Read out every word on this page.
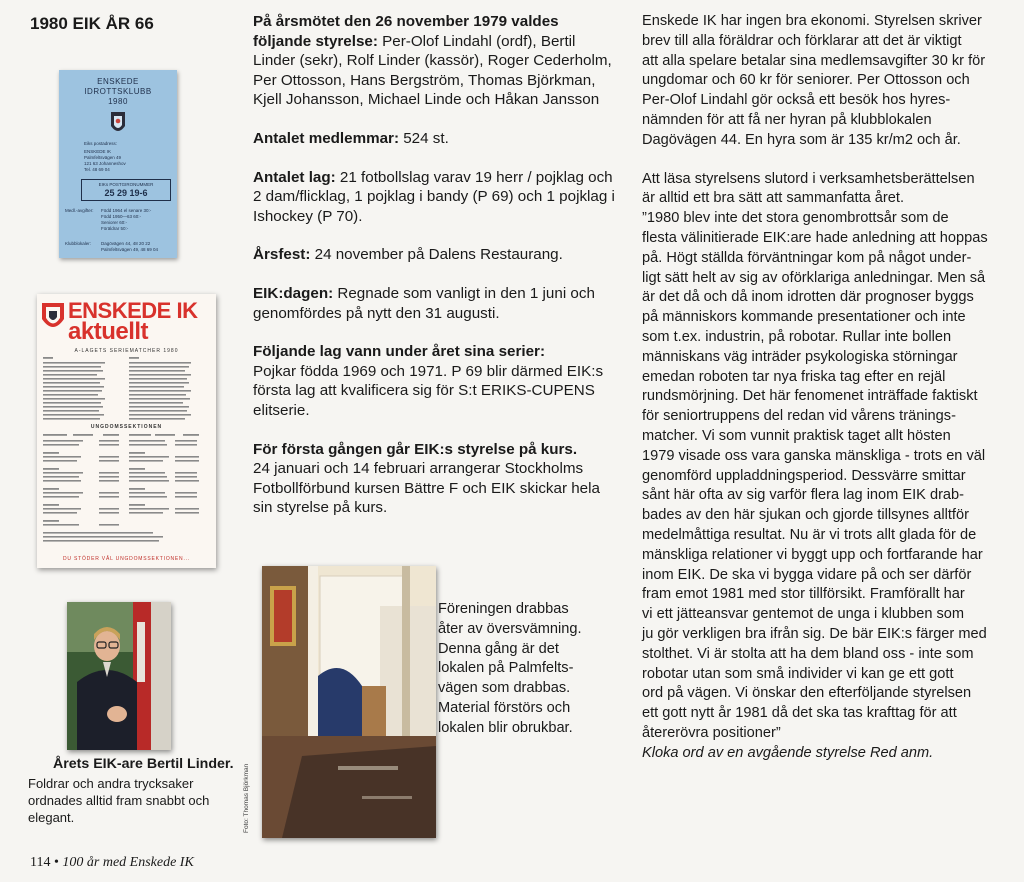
1980 EIK ÅR 66
ENSKEDE
IDROTTSKLUBB
1980
Eiks postadress:
ENSKEDE IK
Palmfeltsvägen 49
121 63 Johanneshov
Tel. 48 69 04
EIKs POSTGIRONUMMER
25 29 19-6
Medl.-avgifter:	Född 1964 el senare 30:-
Född 1950—63 60:-
Seniorer 60:-
Föräldrar 50:-
Klubblokaler:	Dagövägen 44, 48 20 22
Palmfeltsvägen 49, 48 69 04
ENSKEDE IK
aktuellt
A-LAGETS SERIEMATCHER 1980
UNGDOMSSEKTIONEN
DU STÖDER VÅL UNGDOMSSEKTIONEN...
Årets EIK-are Bertil Linder.
Foldrar och andra trycksaker
ordnades alltid fram snabbt och
elegant.

På årsmötet den 26 november 1979 valdes följande styrelse: Per-Olof Lindahl (ordf), Bertil Linder (sekr), Rolf Linder (kassör), Roger Cederholm, Per Ottosson, Hans Bergström, Thomas Björkman, Kjell Johansson, Michael Linde och Håkan Jansson

Antalet medlemmar: 524 st.

Antalet lag: 21 fotbollslag varav 19 herr / pojklag och 2 dam/flicklag, 1 pojklag i bandy (P 69) och 1 pojklag i Ishockey (P 70).

Årsfest: 24 november på Dalens Restaurang.

EIK:dagen: Regnade som vanligt in den 1 juni och genomfördes på nytt den 31 augusti.

Följande lag vann under året sina serier:
Pojkar födda 1969 och 1971. P 69 blir därmed EIK:s första lag att kvalificera sig för S:t ERIKS-CUPENS elitserie.

För första gången går EIK:s styrelse på kurs.
24 januari och 14 februari arrangerar Stockholms Fotbollförbund kursen Bättre F och EIK skickar hela sin styrelse på kurs.

Foto: Thomas Björkman
Föreningen drabbas
åter av översvämning.
Denna gång är det
lokalen på Palmfelts-
vägen som drabbas.
Material förstörs och
lokalen blir obrukbar.

Enskede IK har ingen bra ekonomi. Styrelsen skriver

brev till alla föräldrar och förklarar att det är viktigt

att alla spelare betalar sina medlemsavgifter 30 kr för

ungdomar och 60 kr för seniorer. Per Ottosson och

Per-Olof Lindahl gör också ett besök hos hyres-

nämnden för att få ner hyran på klubblokalen

Dagövägen 44. En hyra som är 135 kr/m2 och år.

Att läsa styrelsens slutord i verksamhetsberättelsen

är alltid ett bra sätt att sammanfatta året.

”1980 blev inte det stora genombrottsår som de

flesta välinitierade EIK:are hade anledning att hoppas

på. Högt ställda förväntningar kom på något under-

ligt sätt helt av sig av oförklariga anledningar. Men så

är det då och då inom idrotten där prognoser byggs

på människors kommande presentationer och inte

som t.ex. industrin, på robotar. Rullar inte bollen

människans väg inträder psykologiska störningar

emedan roboten tar nya friska tag efter en rejäl

rundsmörjning. Det här fenomenet inträffade faktiskt

för seniortruppens del redan vid vårens tränings-

matcher. Vi som vunnit praktisk taget allt hösten

1979 visade oss vara ganska mänskliga - trots en väl

genomförd uppladdningsperiod. Dessvärre smittar

sånt här ofta av sig varför flera lag inom EIK drab-

bades av den här sjukan och gjorde tillsynes alltför

medelmåttiga resultat. Nu är vi trots allt glada för de

mänskliga relationer vi byggt upp och fortfarande har

inom EIK. De ska vi bygga vidare på och ser därför

fram emot 1981 med stor tillförsikt. Framförallt har

vi ett jätteansvar gentemot de unga i klubben som

ju gör verkligen bra ifrån sig. De bär EIK:s färger med

stolthet. Vi är stolta att ha dem bland oss - inte som

robotar utan som små individer vi kan ge ett gott

ord på vägen. Vi önskar den efterföljande styrelsen

ett gott nytt år 1981 då det ska tas krafttag för att

återerövra positioner”

Kloka ord av en avgående styrelse Red anm.

114 • 100 år med Enskede IK
